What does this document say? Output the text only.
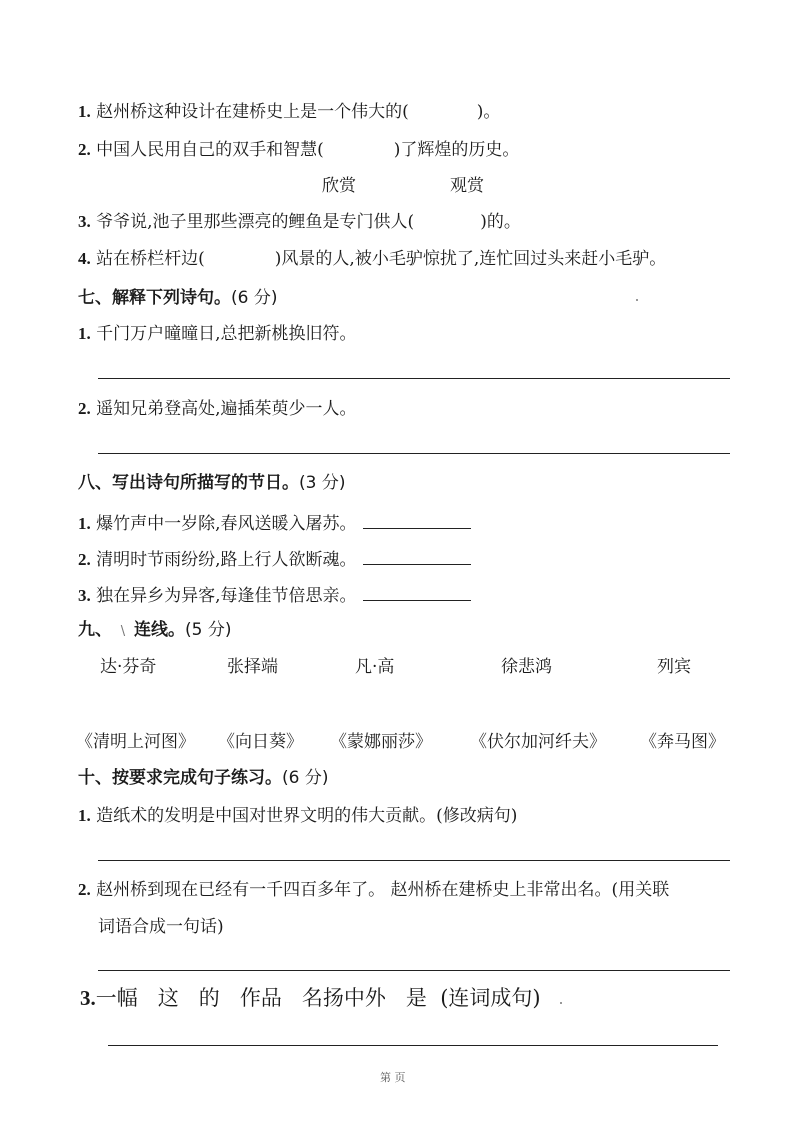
1. 赵州桥这种设计在建桥史上是一个伟大的(	)。
2. 中国人民用自己的双手和智慧(	)了辉煌的历史。
欣赏	观赏
3. 爷爷说,池子里那些漂亮的鲤鱼是专门供人(	)的。
4. 站在桥栏杆边(	)风景的人,被小毛驴惊扰了,连忙回过头来赶小毛驴。
七、解释下列诗句。(6 分)
1. 千门万户曈曈日,总把新桃换旧符。
2. 遥知兄弟登高处,遍插茱萸少一人。
八、写出诗句所描写的节日。(3 分)
1. 爆竹声中一岁除,春风送暖入屠苏。
2. 清明时节雨纷纷,路上行人欲断魂。
3. 独在异乡为异客,每逢佳节倍思亲。
九、 \ 连线。(5 分)
达·芬奇	张择端	凡·高	徐悲鸿	列宾
《清明上河图》 《向日葵》 《蒙娜丽莎》 《伏尔加河纤夫》 《奔马图》
十、按要求完成句子练习。(6 分)
1. 造纸术的发明是中国对世界文明的伟大贡献。(修改病句)
2. 赵州桥到现在已经有一千四百多年了。 赵州桥在建桥史上非常出名。(用关联
词语合成一句话)
3.一幅   这   的   作品   名扬中外   是  (连词成句)
第 页
